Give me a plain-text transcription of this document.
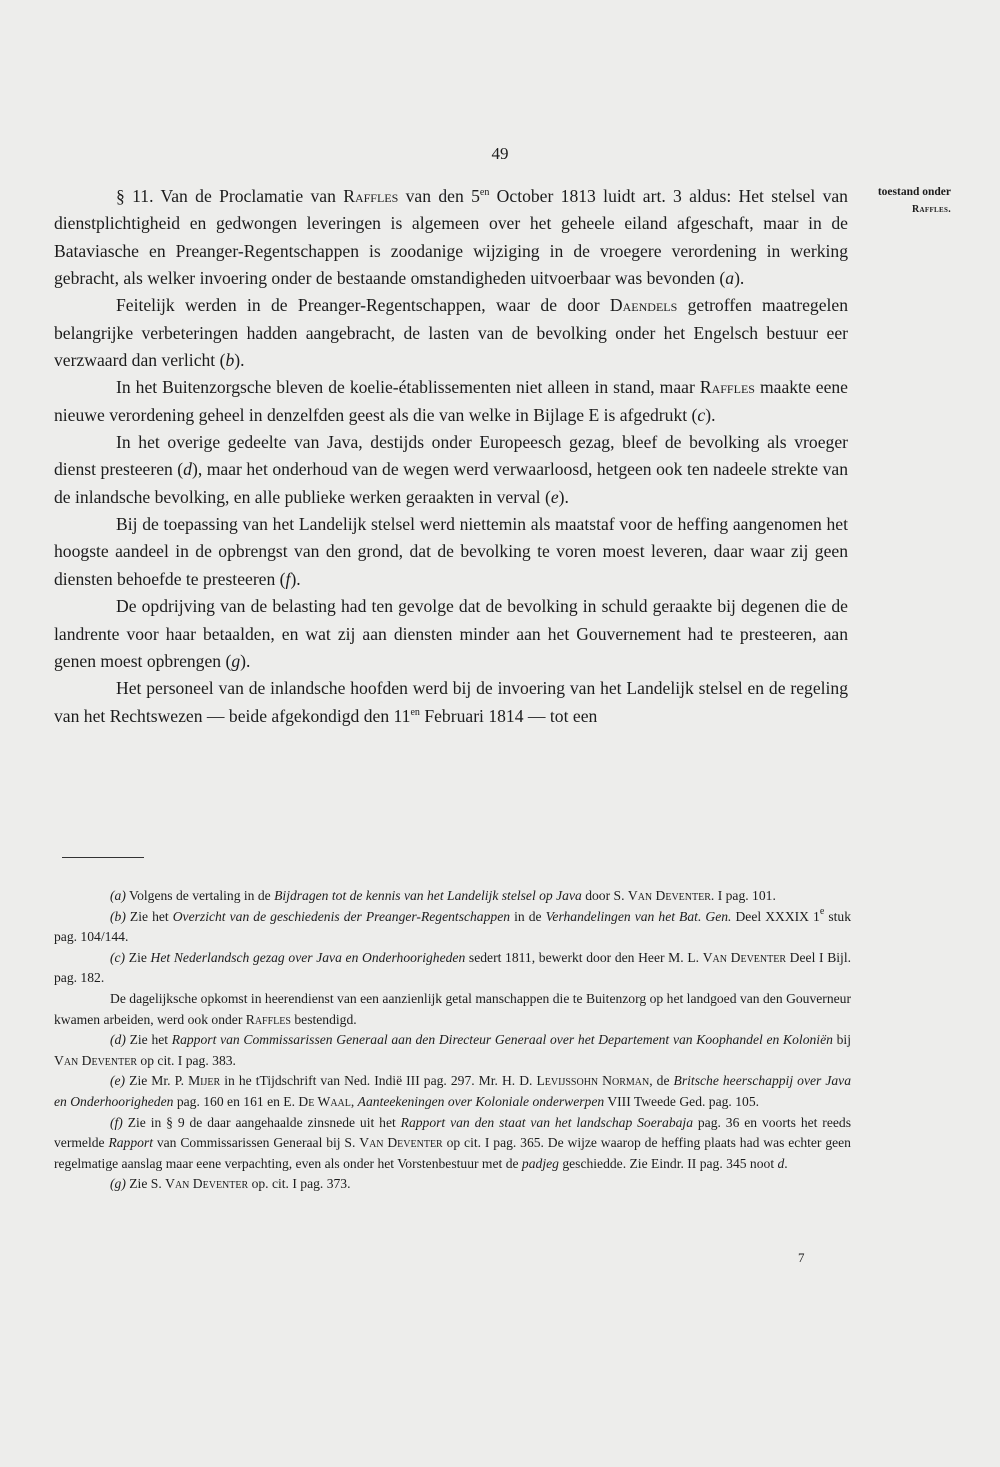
49
toestand onder
Raffles.

§ 11. Van de Proclamatie van Raffles van den $5^{en}$ October 1813 luidt art. 3 aldus: Het stelsel van dienstplichtigheid en gedwongen leveringen is algemeen over het geheele eiland afgeschaft, maar in de Bataviasche en Preanger-Regentschappen is zoodanige wijziging in de vroegere verordening in werking gebracht, als welker invoering onder de bestaande omstandigheden uitvoerbaar was bevonden (a).

Feitelijk werden in de Preanger-Regentschappen, waar de door Daendels getroffen maatregelen belangrijke verbeteringen hadden aangebracht, de lasten van de bevolking onder het Engelsch bestuur eer verzwaard dan verlicht (b).

In het Buitenzorgsche bleven de koelie-établissementen niet alleen in stand, maar Raffles maakte eene nieuwe verordening geheel in denzelfden geest als die van welke in Bijlage E is afgedrukt (c).

In het overige gedeelte van Java, destijds onder Europeesch gezag, bleef de bevolking als vroeger dienst presteeren (d), maar het onderhoud van de wegen werd verwaarloosd, hetgeen ook ten nadeele strekte van de inlandsche bevolking, en alle publieke werken geraakten in verval (e).

Bij de toepassing van het Landelijk stelsel werd niettemin als maatstaf voor de heffing aangenomen het hoogste aandeel in de opbrengst van den grond, dat de bevolking te voren moest leveren, daar waar zij geen diensten behoefde te presteeren (f).

De opdrijving van de belasting had ten gevolge dat de bevolking in schuld geraakte bij degenen die de landrente voor haar betaalden, en wat zij aan diensten minder aan het Gouvernement had te presteeren, aan genen moest opbrengen (g).

Het personeel van de inlandsche hoofden werd bij de invoering van het Landelijk stelsel en de regeling van het Rechtswezen — beide afgekondigd den $11^{en}$ Februari 1814 — tot een

(a) Volgens de vertaling in de Bijdragen tot de kennis van het Landelijk stelsel op Java door S. Van Deventer. I pag. 101.

(b) Zie het Overzicht van de geschiedenis der Preanger-Regentschappen in de Verhandelingen van het Bat. Gen. Deel XXXIX 1e stuk pag. 104/144.

(c) Zie Het Nederlandsch gezag over Java en Onderhoorigheden sedert 1811, bewerkt door den Heer M. L. Van Deventer Deel I Bijl. pag. 182.

De dagelijksche opkomst in heerendienst van een aanzienlijk getal manschappen die te Buitenzorg op het landgoed van den Gouverneur kwamen arbeiden, werd ook onder Raffles bestendigd.

(d) Zie het Rapport van Commissarissen Generaal aan den Directeur Generaal over het Departement van Koophandel en Koloniën bij Van Deventer op cit. I pag. 383.

(e) Zie Mr. P. Mijer in he tTijdschrift van Ned. Indië III pag. 297. Mr. H. D. Levijssohn Norman, de Britsche heerschappij over Java en Onderhoorigheden pag. 160 en 161 en E. De Waal, Aanteekeningen over Koloniale onderwerpen VIII Tweede Ged. pag. 105.

(f) Zie in § 9 de daar aangehaalde zinsnede uit het Rapport van den staat van het landschap Soerabaja pag. 36 en voorts het reeds vermelde Rapport van Commissarissen Generaal bij S. Van Deventer op cit. I pag. 365. De wijze waarop de heffing plaats had was echter geen regelmatige aanslag maar eene verpachting, even als onder het Vorstenbestuur met de padjeg geschiedde. Zie Eindr. II pag. 345 noot d.

(g) Zie S. Van Deventer op. cit. I pag. 373.

7
